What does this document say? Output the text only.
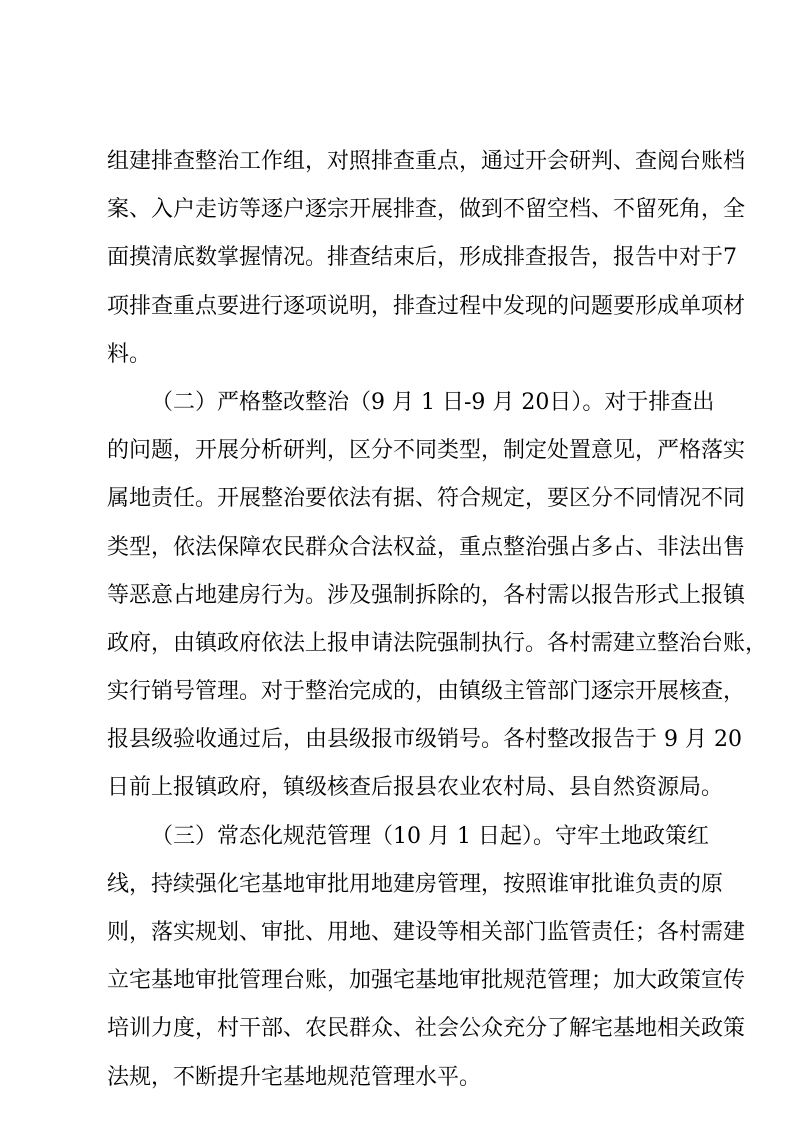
组建排查整治工作组，对照排查重点，通过开会研判、查阅台账档
案、入户走访等逐户逐宗开展排查，做到不留空档、不留死角，全
面摸清底数掌握情况。排查结束后，形成排查报告，报告中对于7
项排查重点要进行逐项说明，排查过程中发现的问题要形成单项材
料。
（二）严格整改整治（9 月 1 日-9 月 20日）。对于排查出
的问题，开展分析研判，区分不同类型，制定处置意见，严格落实
属地责任。开展整治要依法有据、符合规定，要区分不同情况不同
类型，依法保障农民群众合法权益，重点整治强占多占、非法出售
等恶意占地建房行为。涉及强制拆除的，各村需以报告形式上报镇
政府，由镇政府依法上报申请法院强制执行。各村需建立整治台账，
实行销号管理。对于整治完成的，由镇级主管部门逐宗开展核查，
报县级验收通过后，由县级报市级销号。各村整改报告于 9 月 20
日前上报镇政府，镇级核查后报县农业农村局、县自然资源局。
（三）常态化规范管理（10 月 1 日起）。守牢土地政策红
线，持续强化宅基地审批用地建房管理，按照谁审批谁负责的原
则，落实规划、审批、用地、建设等相关部门监管责任；各村需建
立宅基地审批管理台账，加强宅基地审批规范管理；加大政策宣传
培训力度，村干部、农民群众、社会公众充分了解宅基地相关政策
法规，不断提升宅基地规范管理水平。
